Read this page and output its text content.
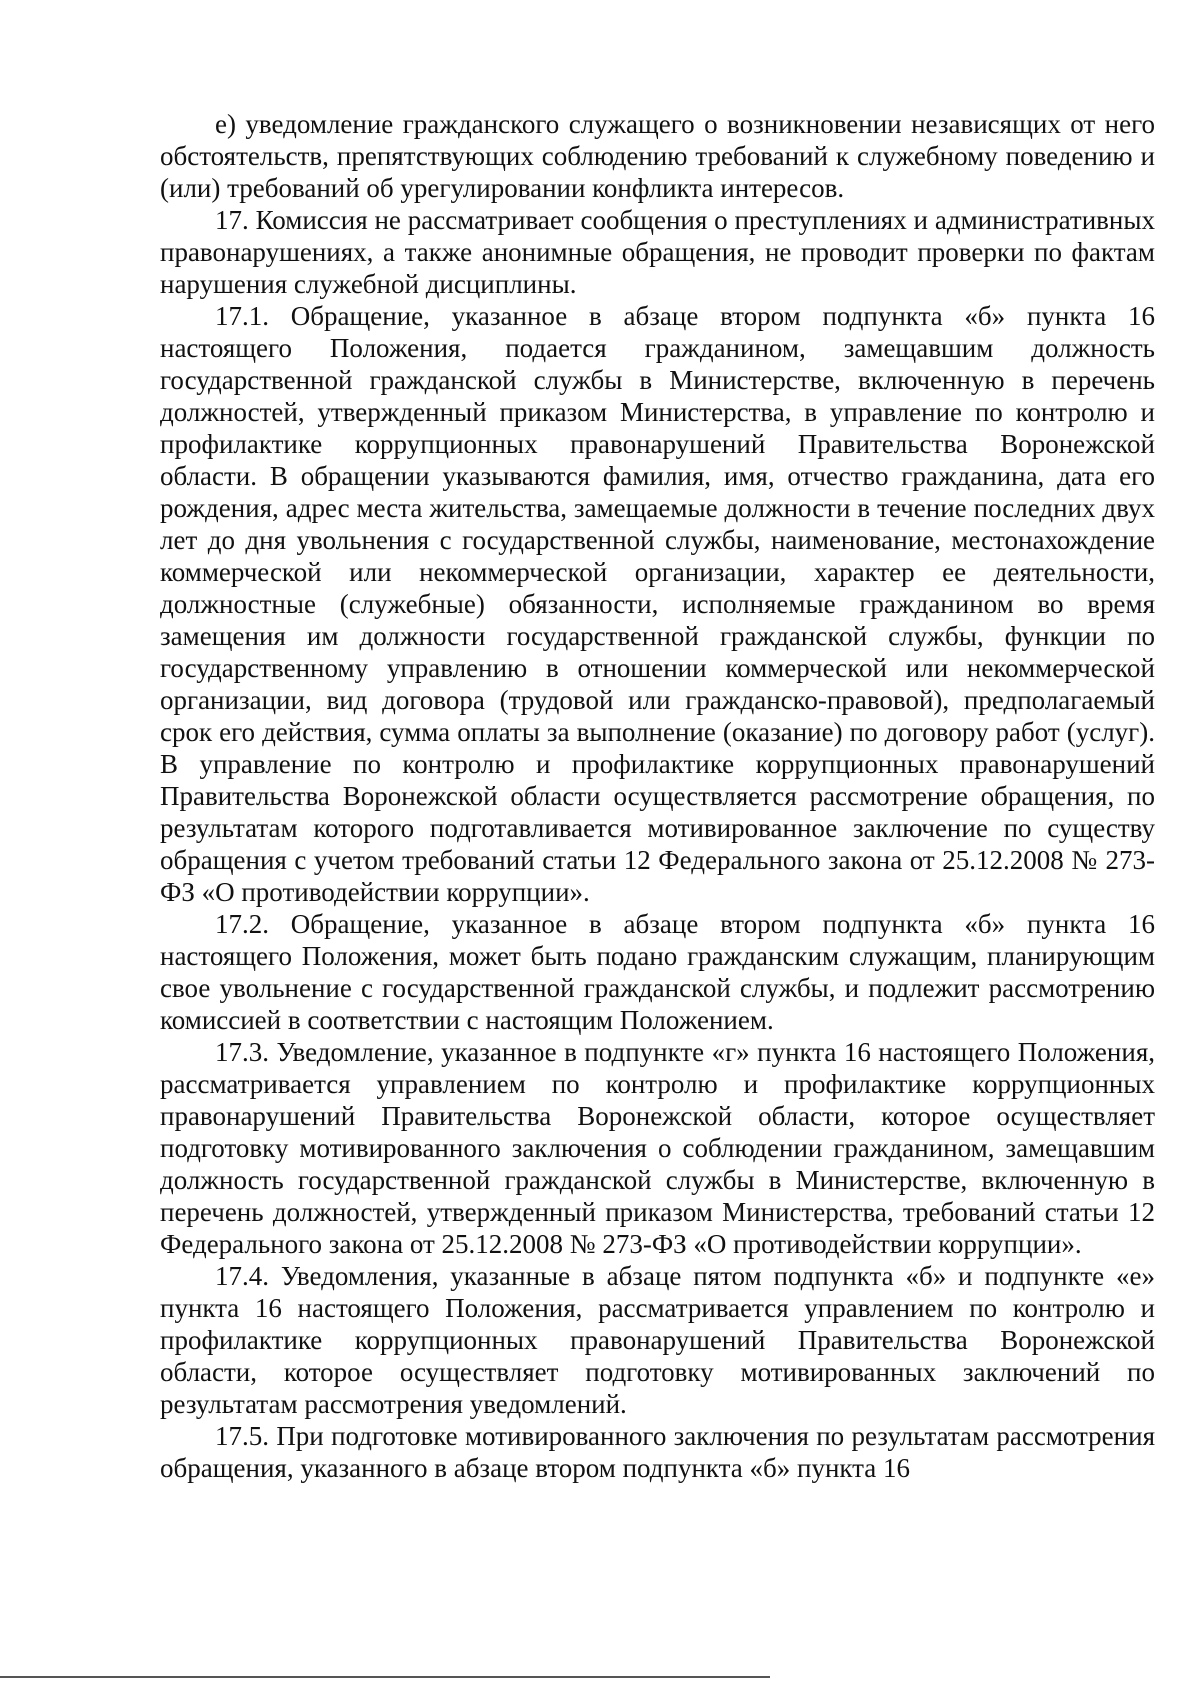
е) уведомление гражданского служащего о возникновении независящих от него обстоятельств, препятствующих соблюдению требований к служебному поведению и (или) требований об урегулировании конфликта интересов.

17. Комиссия не рассматривает сообщения о преступлениях и административных правонарушениях, а также анонимные обращения, не проводит проверки по фактам нарушения служебной дисциплины.

17.1. Обращение, указанное в абзаце втором подпункта «б» пункта 16 настоящего Положения, подается гражданином, замещавшим должность государственной гражданской службы в Министерстве, включенную в перечень должностей, утвержденный приказом Министерства, в управление по контролю и профилактике коррупционных правонарушений Правительства Воронежской области. В обращении указываются фамилия, имя, отчество гражданина, дата его рождения, адрес места жительства, замещаемые должности в течение последних двух лет до дня увольнения с государственной службы, наименование, местонахождение коммерческой или некоммерческой организации, характер ее деятельности, должностные (служебные) обязанности, исполняемые гражданином во время замещения им должности государственной гражданской службы, функции по государственному управлению в отношении коммерческой или некоммерческой организации, вид договора (трудовой или гражданско-правовой), предполагаемый срок его действия, сумма оплаты за выполнение (оказание) по договору работ (услуг). В управление по контролю и профилактике коррупционных правонарушений Правительства Воронежской области осуществляется рассмотрение обращения, по результатам которого подготавливается мотивированное заключение по существу обращения с учетом требований статьи 12 Федерального закона от 25.12.2008 № 273-ФЗ «О противодействии коррупции».

17.2. Обращение, указанное в абзаце втором подпункта «б» пункта 16 настоящего Положения, может быть подано гражданским служащим, планирующим свое увольнение с государственной гражданской службы, и подлежит рассмотрению комиссией в соответствии с настоящим Положением.

17.3. Уведомление, указанное в подпункте «г» пункта 16 настоящего Положения, рассматривается управлением по контролю и профилактике коррупционных правонарушений Правительства Воронежской области, которое осуществляет подготовку мотивированного заключения о соблюдении гражданином, замещавшим должность государственной гражданской службы в Министерстве, включенную в перечень должностей, утвержденный приказом Министерства, требований статьи 12 Федерального закона от 25.12.2008 № 273-ФЗ «О противодействии коррупции».

17.4. Уведомления, указанные в абзаце пятом подпункта «б» и подпункте «е» пункта 16 настоящего Положения, рассматривается управлением по контролю и профилактике коррупционных правонарушений Правительства Воронежской области, которое осуществляет подготовку мотивированных заключений по результатам рассмотрения уведомлений.

17.5. При подготовке мотивированного заключения по результатам рассмотрения обращения, указанного в абзаце втором подпункта «б» пункта 16
